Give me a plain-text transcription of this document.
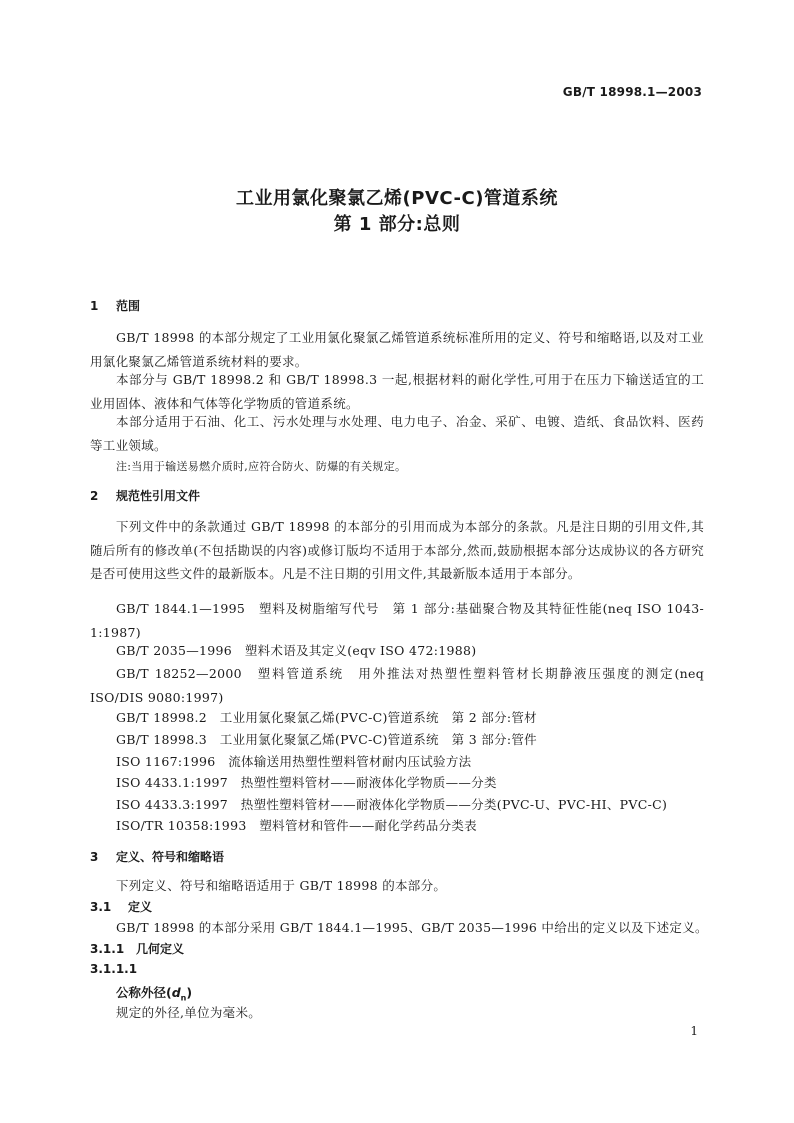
GB/T 18998.1—2003
工业用氯化聚氯乙烯(PVC-C)管道系统
第 1 部分:总则
1 范围
GB/T 18998 的本部分规定了工业用氯化聚氯乙烯管道系统标准所用的定义、符号和缩略语,以及对工业用氯化聚氯乙烯管道系统材料的要求。
本部分与 GB/T 18998.2 和 GB/T 18998.3 一起,根据材料的耐化学性,可用于在压力下输送适宜的工业用固体、液体和气体等化学物质的管道系统。
本部分适用于石油、化工、污水处理与水处理、电力电子、冶金、采矿、电镀、造纸、食品饮料、医药等工业领域。
注:当用于输送易燃介质时,应符合防火、防爆的有关规定。
2 规范性引用文件
下列文件中的条款通过 GB/T 18998 的本部分的引用而成为本部分的条款。凡是注日期的引用文件,其随后所有的修改单(不包括勘误的内容)或修订版均不适用于本部分,然而,鼓励根据本部分达成协议的各方研究是否可使用这些文件的最新版本。凡是不注日期的引用文件,其最新版本适用于本部分。
GB/T 1844.1—1995　塑料及树脂缩写代号　第 1 部分:基础聚合物及其特征性能(neq ISO 1043-1:1987)
GB/T 2035—1996　塑料术语及其定义(eqv ISO 472:1988)
GB/T 18252—2000　塑料管道系统　用外推法对热塑性塑料管材长期静液压强度的测定(neq ISO/DIS 9080:1997)
GB/T 18998.2　工业用氯化聚氯乙烯(PVC-C)管道系统　第 2 部分:管材
GB/T 18998.3　工业用氯化聚氯乙烯(PVC-C)管道系统　第 3 部分:管件
ISO 1167:1996　流体输送用热塑性塑料管材耐内压试验方法
ISO 4433.1:1997　热塑性塑料管材——耐液体化学物质——分类
ISO 4433.3:1997　热塑性塑料管材——耐液体化学物质——分类(PVC-U、PVC-HI、PVC-C)
ISO/TR 10358:1993　塑料管材和管件——耐化学药品分类表
3 定义、符号和缩略语
下列定义、符号和缩略语适用于 GB/T 18998 的本部分。
3.1 定义
GB/T 18998 的本部分采用 GB/T 1844.1—1995、GB/T 2035—1996 中给出的定义以及下述定义。
3.1.1 几何定义
3.1.1.1
公称外径$(d_n)$
规定的外径,单位为毫米。
1
